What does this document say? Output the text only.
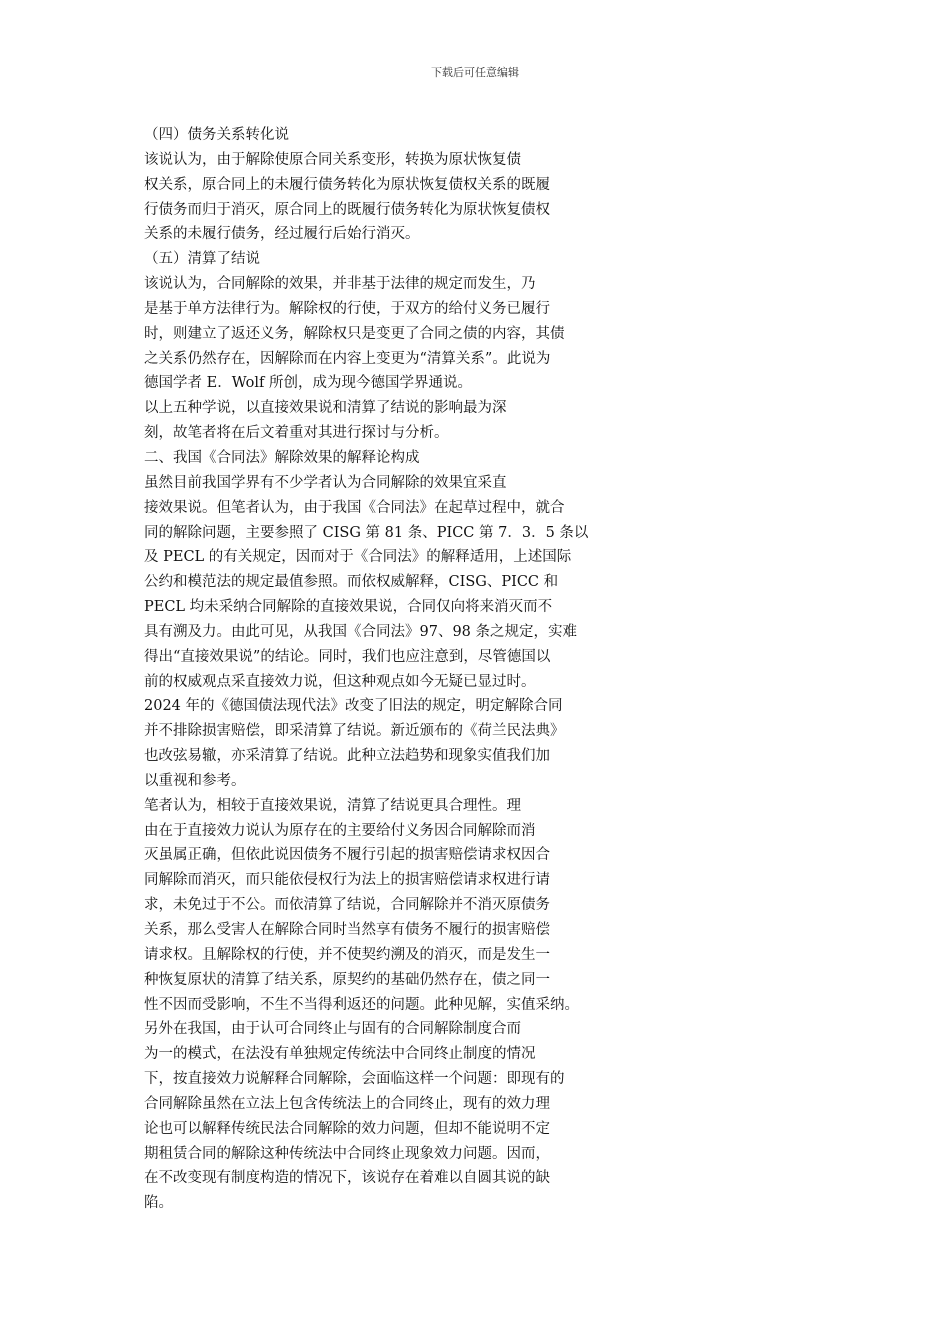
下载后可任意编辑
（四）债务关系转化说
该说认为，由于解除使原合同关系变形，转换为原状恢复债
权关系，原合同上的未履行债务转化为原状恢复债权关系的既履
行债务而归于消灭，原合同上的既履行债务转化为原状恢复债权
关系的未履行债务，经过履行后始行消灭。
（五）清算了结说
该说认为，合同解除的效果，并非基于法律的规定而发生，乃
是基于单方法律行为。解除权的行使，于双方的给付义务已履行
时，则建立了返还义务，解除权只是变更了合同之债的内容，其债
之关系仍然存在，因解除而在内容上变更为“清算关系”。此说为
德国学者 E．Wolf 所创，成为现今德国学界通说。
以上五种学说，以直接效果说和清算了结说的影响最为深
刻，故笔者将在后文着重对其进行探讨与分析。
二、我国《合同法》解除效果的解释论构成
虽然目前我国学界有不少学者认为合同解除的效果宜采直
接效果说。但笔者认为，由于我国《合同法》在起草过程中，就合
同的解除问题，主要参照了 CISG 第 81 条、PICC 第 7．3．5 条以
及 PECL 的有关规定，因而对于《合同法》的解释适用，上述国际
公约和模范法的规定最值参照。而依权威解释，CISG、PICC 和
PECL 均未采纳合同解除的直接效果说，合同仅向将来消灭而不
具有溯及力。由此可见，从我国《合同法》97、98 条之规定，实难
得出“直接效果说”的结论。同时，我们也应注意到，尽管德国以
前的权威观点采直接效力说，但这种观点如今无疑已显过时。
2024 年的《德国债法现代法》改变了旧法的规定，明定解除合同
并不排除损害赔偿，即采清算了结说。新近颁布的《荷兰民法典》
也改弦易辙，亦采清算了结说。此种立法趋势和现象实值我们加
以重视和参考。
笔者认为，相较于直接效果说，清算了结说更具合理性。理
由在于直接效力说认为原存在的主要给付义务因合同解除而消
灭虽属正确，但依此说因债务不履行引起的损害赔偿请求权因合
同解除而消灭，而只能依侵权行为法上的损害赔偿请求权进行请
求，未免过于不公。而依清算了结说，合同解除并不消灭原债务
关系，那么受害人在解除合同时当然享有债务不履行的损害赔偿
请求权。且解除权的行使，并不使契约溯及的消灭，而是发生一
种恢复原状的清算了结关系，原契约的基础仍然存在，债之同一
性不因而受影响，不生不当得利返还的问题。此种见解，实值采纳。
另外在我国，由于认可合同终止与固有的合同解除制度合而
为一的模式，在法没有单独规定传统法中合同终止制度的情况
下，按直接效力说解释合同解除，会面临这样一个问题：即现有的
合同解除虽然在立法上包含传统法上的合同终止，现有的效力理
论也可以解释传统民法合同解除的效力问题，但却不能说明不定
期租赁合同的解除这种传统法中合同终止现象效力问题。因而，
在不改变现有制度构造的情况下，该说存在着难以自圆其说的缺
陷。
